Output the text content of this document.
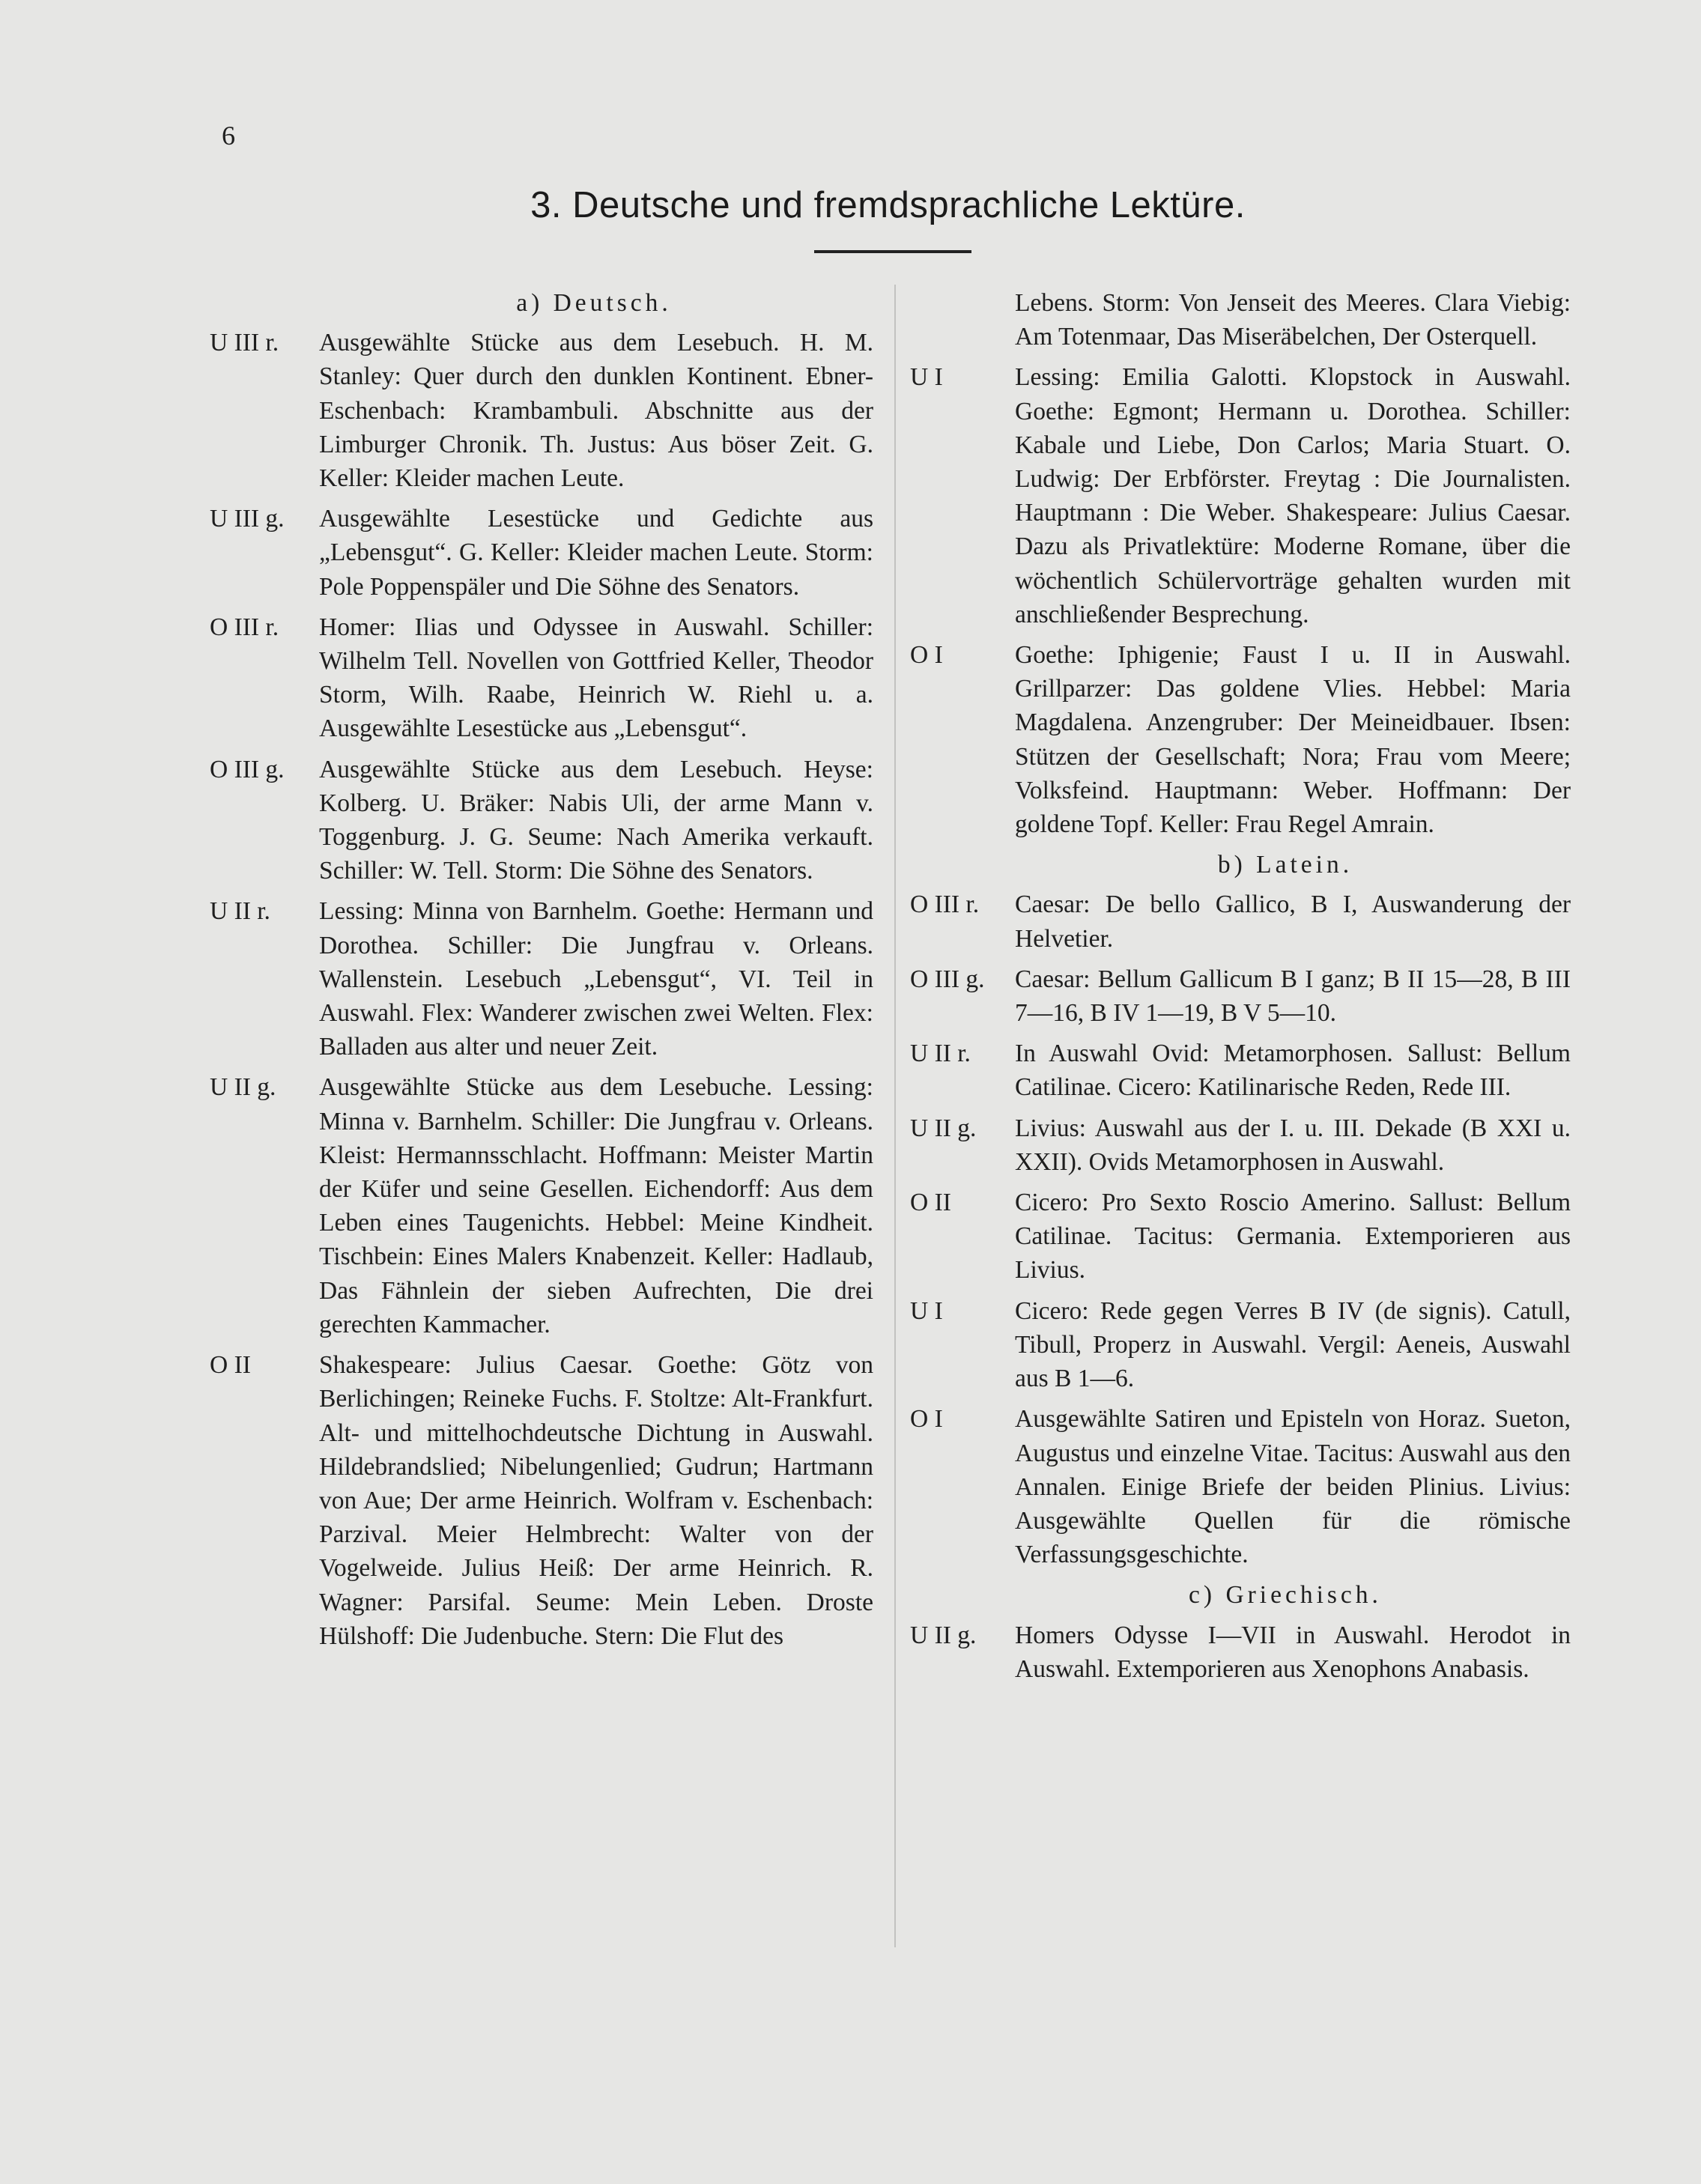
6
3. Deutsche und fremdsprachliche Lektüre.
a) Deutsch.
U III r.	Ausgewählte Stücke aus dem Lesebuch. H. M. Stanley: Quer durch den dunklen Kontinent. Ebner-Eschenbach: Krambambuli. Abschnitte aus der Limburger Chronik. Th. Justus: Aus böser Zeit. G. Keller: Kleider machen Leute.
U III g.	Ausgewählte Lesestücke und Gedichte aus „Lebensgut“. G. Keller: Kleider machen Leute. Storm: Pole Poppenspäler und Die Söhne des Senators.
O III r.	Homer: Ilias und Odyssee in Auswahl. Schiller: Wilhelm Tell. Novellen von Gottfried Keller, Theodor Storm, Wilh. Raabe, Heinrich W. Riehl u. a. Ausgewählte Lesestücke aus „Lebensgut“.
O III g.	Ausgewählte Stücke aus dem Lesebuch. Heyse: Kolberg. U. Bräker: Nabis Uli, der arme Mann v. Toggenburg. J. G. Seume: Nach Amerika verkauft. Schiller: W. Tell. Storm: Die Söhne des Senators.
U II r.	Lessing: Minna von Barnhelm. Goethe: Hermann und Dorothea. Schiller: Die Jungfrau v. Orleans. Wallenstein. Lesebuch „Lebensgut“, VI. Teil in Auswahl. Flex: Wanderer zwischen zwei Welten. Flex: Balladen aus alter und neuer Zeit.
U II g.	Ausgewählte Stücke aus dem Lesebuche. Lessing: Minna v. Barnhelm. Schiller: Die Jungfrau v. Orleans. Kleist: Hermannsschlacht. Hoffmann: Meister Martin der Küfer und seine Gesellen. Eichendorff: Aus dem Leben eines Taugenichts. Hebbel: Meine Kindheit. Tischbein: Eines Malers Knabenzeit. Keller: Hadlaub, Das Fähnlein der sieben Aufrechten, Die drei gerechten Kammacher.
O II	Shakespeare: Julius Caesar. Goethe: Götz von Berlichingen; Reineke Fuchs. F. Stoltze: Alt-Frankfurt. Alt- und mittelhochdeutsche Dichtung in Auswahl. Hildebrandslied; Nibelungenlied; Gudrun; Hartmann von Aue; Der arme Heinrich. Wolfram v. Eschenbach: Parzival. Meier Helmbrecht: Walter von der Vogelweide. Julius Heiß: Der arme Heinrich. R. Wagner: Parsifal. Seume: Mein Leben. Droste Hülshoff: Die Judenbuche. Stern: Die Flut des
Lebens. Storm: Von Jenseit des Meeres. Clara Viebig: Am Totenmaar, Das Miseräbelchen, Der Osterquell.
U I	Lessing: Emilia Galotti. Klopstock in Auswahl. Goethe: Egmont; Hermann u. Dorothea. Schiller: Kabale und Liebe, Don Carlos; Maria Stuart. O. Ludwig: Der Erbförster. Freytag : Die Journalisten. Hauptmann : Die Weber. Shakespeare: Julius Caesar. Dazu als Privatlektüre: Moderne Romane, über die wöchentlich Schülervorträge gehalten wurden mit anschließender Besprechung.
O I	Goethe: Iphigenie; Faust I u. II in Auswahl. Grillparzer: Das goldene Vlies. Hebbel: Maria Magdalena. Anzengruber: Der Meineidbauer. Ibsen: Stützen der Gesellschaft; Nora; Frau vom Meere; Volksfeind. Hauptmann: Weber. Hoffmann: Der goldene Topf. Keller: Frau Regel Amrain.
b) Latein.
O III r.	Caesar: De bello Gallico, B I, Auswanderung der Helvetier.
O III g.	Caesar: Bellum Gallicum B I ganz; B II 15—28, B III 7—16, B IV 1—19, B V 5—10.
U II r.	In Auswahl Ovid: Metamorphosen. Sallust: Bellum Catilinae. Cicero: Katilinarische Reden, Rede III.
U II g.	Livius: Auswahl aus der I. u. III. Dekade (B XXI u. XXII). Ovids Metamorphosen in Auswahl.
O II	Cicero: Pro Sexto Roscio Amerino. Sallust: Bellum Catilinae. Tacitus: Germania. Extemporieren aus Livius.
U I	Cicero: Rede gegen Verres B IV (de signis). Catull, Tibull, Properz in Auswahl. Vergil: Aeneis, Auswahl aus B 1—6.
O I	Ausgewählte Satiren und Episteln von Horaz. Sueton, Augustus und einzelne Vitae. Tacitus: Auswahl aus den Annalen. Einige Briefe der beiden Plinius. Livius: Ausgewählte Quellen für die römische Verfassungsgeschichte.
c) Griechisch.
U II g.	Homers Odysse I—VII in Auswahl. Herodot in Auswahl. Extemporieren aus Xenophons Anabasis.
